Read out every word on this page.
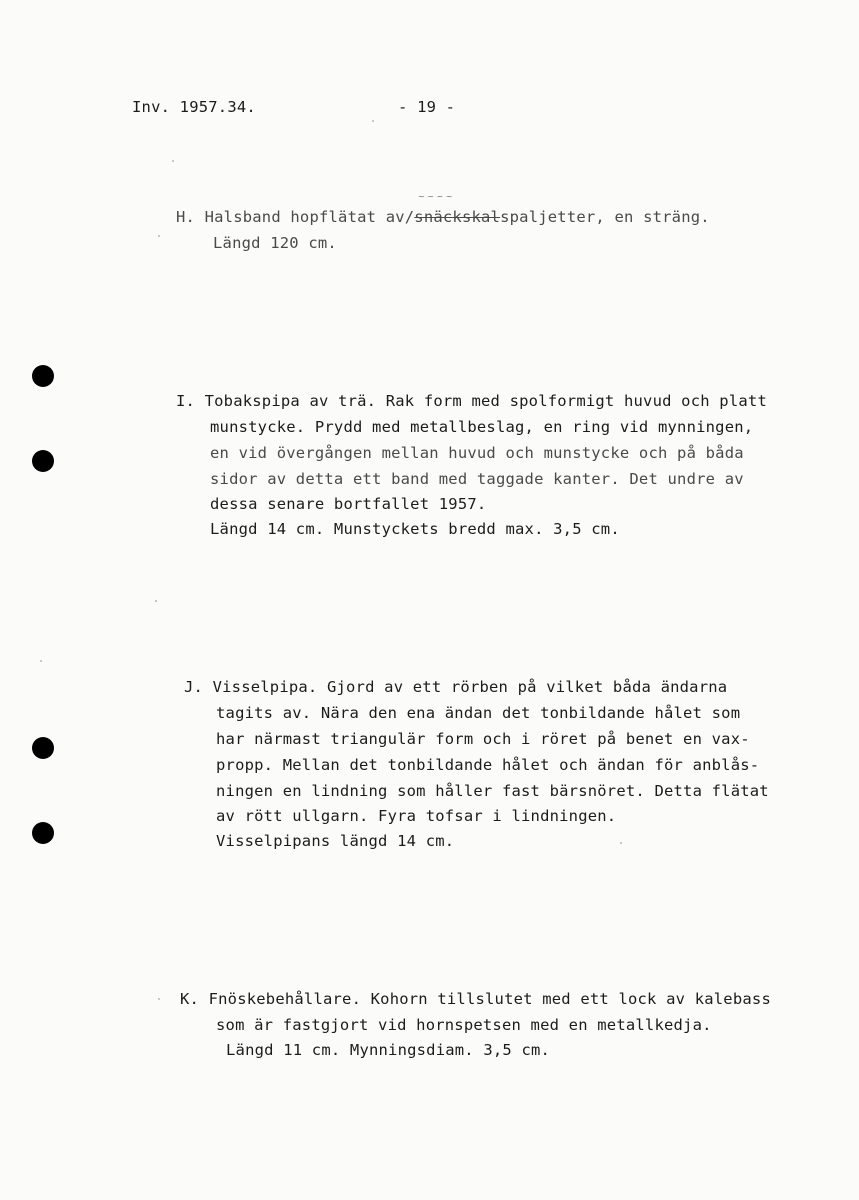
Inv. 1957.34.	- 19 -
~ ~ ~ ~
H. Halsband hopflätat av/snäckskalspaljetter, en sträng.
Längd 120 cm.
I. Tobakspipa av trä. Rak form med spolformigt huvud och platt
munstycke. Prydd med metallbeslag, en ring vid mynningen,
en vid övergången mellan huvud och munstycke och på båda
sidor av detta ett band med taggade kanter. Det undre av
dessa senare bortfallet 1957.
Längd 14 cm. Munstyckets bredd max. 3,5 cm.
J. Visselpipa. Gjord av ett rörben på vilket båda ändarna
tagits av. Nära den ena ändan det tonbildande hålet som
har närmast triangulär form och i röret på benet en vax-
propp. Mellan det tonbildande hålet och ändan för anblås-
ningen en lindning som håller fast bärsnöret. Detta flätat
av rött ullgarn. Fyra tofsar i lindningen.
Visselpipans längd 14 cm.
K. Fnöskebehållare. Kohorn tillslutet med ett lock av kalebass
som är fastgjort vid hornspetsen med en metallkedja.
Längd 11 cm. Mynningsdiam. 3,5 cm.
